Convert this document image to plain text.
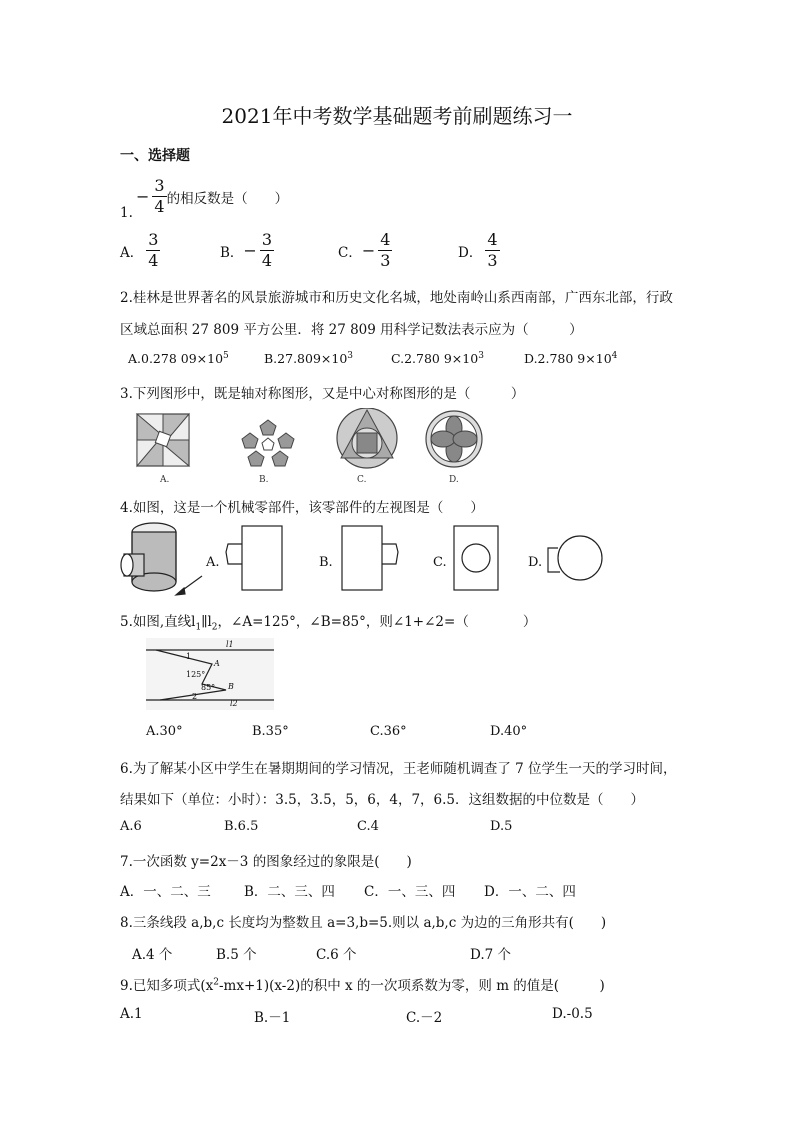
2021年中考数学基础题考前刷题练习一
一、选择题
− $\frac{3}{4}$ 的相反数是（　　）
1.
A． $\frac{3}{4}$	B． − $\frac{3}{4}$	C． − $\frac{4}{3}$	D． $\frac{4}{3}$
2.桂林是世界著名的风景旅游城市和历史文化名城，地处南岭山系西南部，广西东北部，行政
区域总面积 27 809 平方公里．将 27 809 用科学记数法表示应为（　　　）
A.0.278 $09\times 10^5$	$B.27.809\times 10^3$	C.2.780 $9\times 10^3$	D.2.780 $9\times 10^4$
3.下列图形中，既是轴对称图形，又是中心对称图形的是（　　　）
A.	B.	C.	D.
4.如图，这是一个机械零部件，该零部件的左视图是（　　）
A.	B.	C.	D.
5.如图,直线$l_1\parallel l_2$，∠A=125°，∠B=85°，则∠1+∠2=（　　　　）
l1
l2
A
B
1
2
125°
85°
A.30°	B.35°	C.36°	D.40°
6.为了解某小区中学生在暑期期间的学习情况，王老师随机调查了 7 位学生一天的学习时间，
结果如下（单位：小时）：3.5，3.5，5，6，4，7，6.5．这组数据的中位数是（　　）
A.6	B.6.5	C.4	D.5
7.一次函数 y=2x－3 的图象经过的象限是(　　)
A．一、二、三 B．二、三、四 C．一、三、四 D．一、二、四
8.三条线段 a,b,c 长度均为整数且 a=3,b=5.则以 a,b,c 为边的三角形共有(　　)
A.4 个	B.5 个	C.6 个	D.7 个
9.已知多项式$(x^2-mx+1)(x-2)$的积中 x 的一次项系数为零，则 m 的值是(　　　)
A.1	B.－1	C.－2	D.-0.5
